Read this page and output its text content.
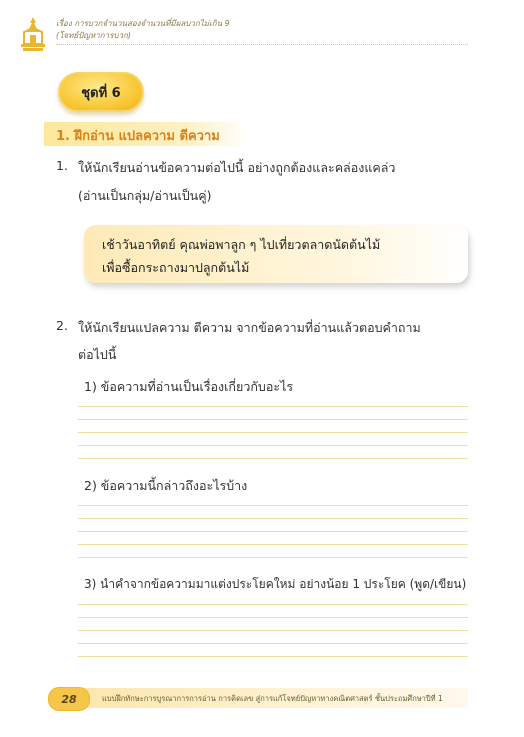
เรื่อง การบวกจำนวนสองจำนวนที่มีผลบวกไม่เกิน 9
(โจทย์ปัญหาการบวก)
ชุดที่ 6
1. ฝึกอ่าน แปลความ ตีความ
1. ให้นักเรียนอ่านข้อความต่อไปนี้ อย่างถูกต้องและคล่องแคล่ว
(อ่านเป็นกลุ่ม/อ่านเป็นคู่)
เช้าวันอาทิตย์ คุณพ่อพาลูก ๆ ไปเที่ยวตลาดนัดต้นไม้
เพื่อซื้อกระถางมาปลูกต้นไม้
2. ให้นักเรียนแปลความ ตีความ จากข้อความที่อ่านแล้วตอบคำถาม
ต่อไปนี้
1) ข้อความที่อ่านเป็นเรื่องเกี่ยวกับอะไร
2) ข้อความนี้กล่าวถึงอะไรบ้าง
3) นำคำจากข้อความมาแต่งประโยคใหม่ อย่างน้อย 1 ประโยค (พูด/เขียน)
28	แบบฝึกทักษะการบูรณาการการอ่าน การคิดเลข สู่การแก้โจทย์ปัญหาทางคณิตศาสตร์ ชั้นประถมศึกษาปีที่ 1
